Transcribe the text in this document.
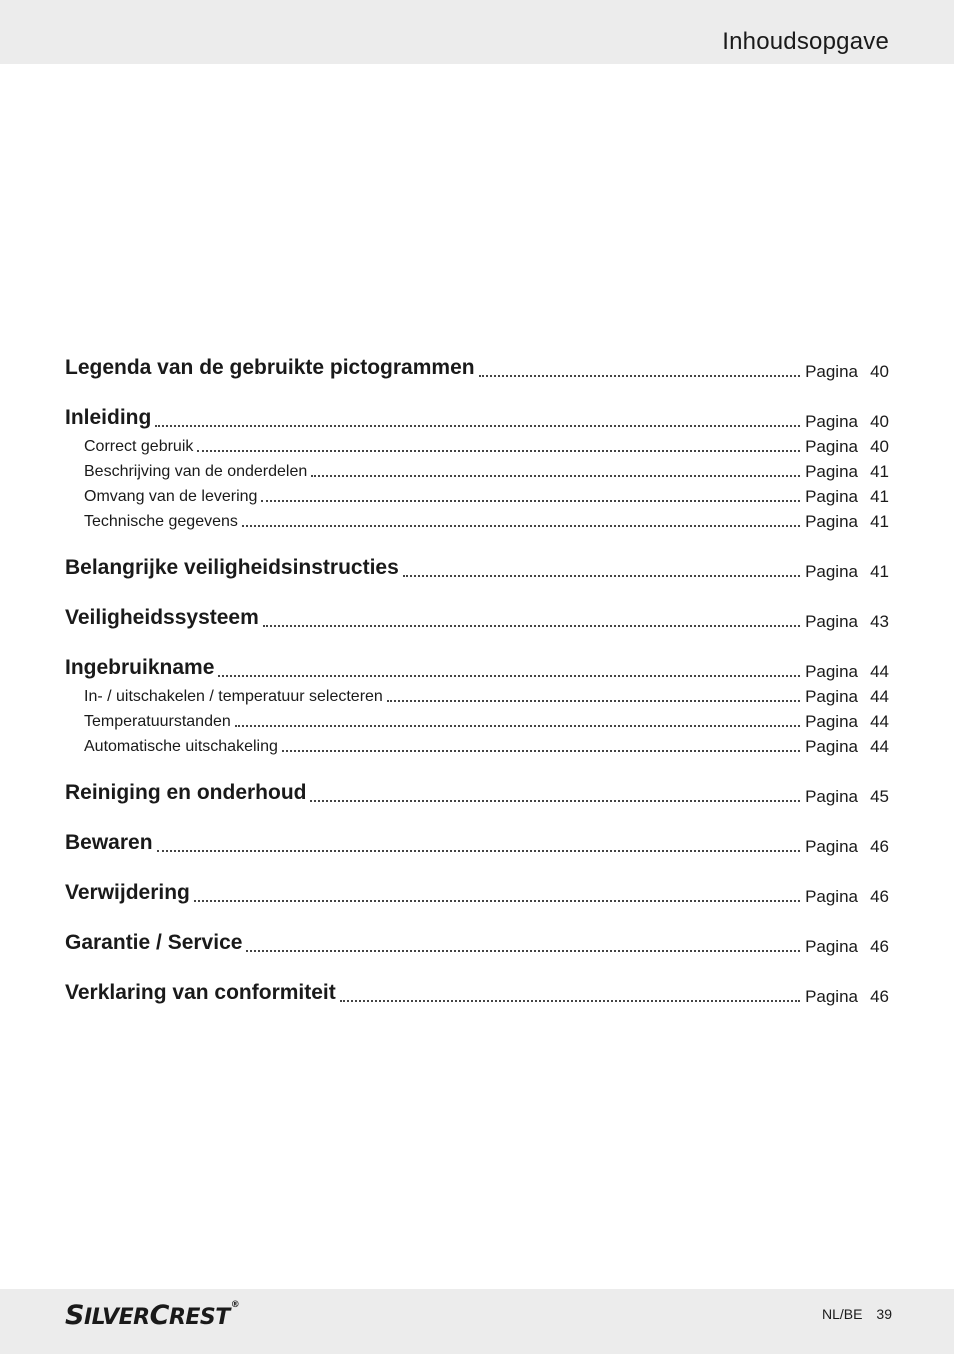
Inhoudsopgave
Legenda van de gebruikte pictogrammen	Pagina 40
Inleiding	Pagina 40
Correct gebruik	Pagina 40
Beschrijving van de onderdelen	Pagina 41
Omvang van de levering	Pagina 41
Technische gegevens	Pagina 41
Belangrijke veiligheidsinstructies	Pagina 41
Veiligheidssysteem	Pagina 43
Ingebruikname	Pagina 44
In- / uitschakelen / temperatuur selecteren	Pagina 44
Temperatuurstanden	Pagina 44
Automatische uitschakeling	Pagina 44
Reiniging en onderhoud	Pagina 45
Bewaren	Pagina 46
Verwijdering	Pagina 46
Garantie / Service	Pagina 46
Verklaring van conformiteit	Pagina 46
SILVERCREST®
NL/BE 39
